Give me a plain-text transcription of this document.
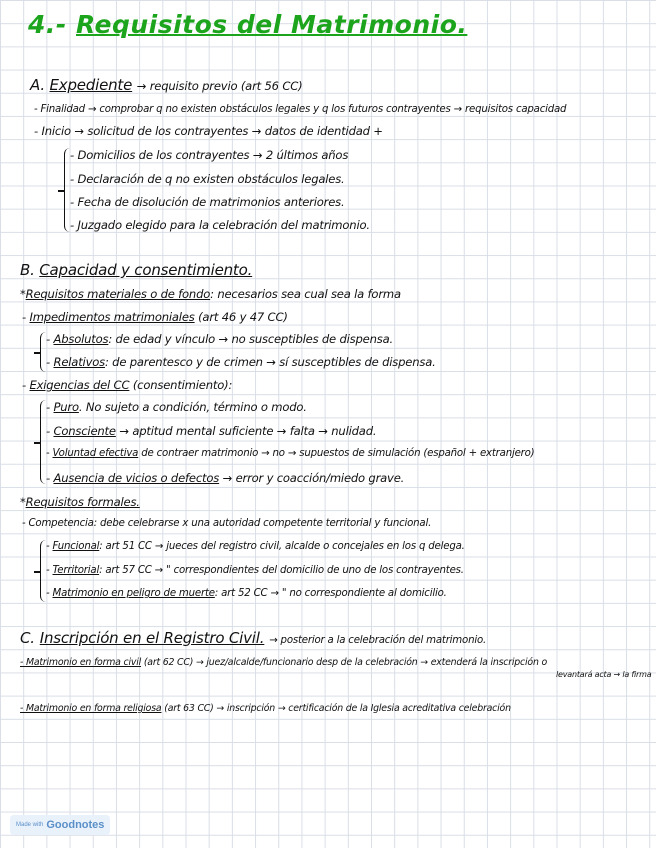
4.- Requisitos del Matrimonio.
A. Expediente → requisito previo (art 56 CC)
- Finalidad → comprobar q no existen obstáculos legales y q los futuros contrayentes → requisitos capacidad
- Inicio → solicitud de los contrayentes → datos de identidad +
- Domicilios de los contrayentes → 2 últimos años
- Declaración de q no existen obstáculos legales.
- Fecha de disolución de matrimonios anteriores.
- Juzgado elegido para la celebración del matrimonio.
B. Capacidad y consentimiento.
*Requisitos materiales o de fondo: necesarios sea cual sea la forma
- Impedimentos matrimoniales (art 46 y 47 CC)
- Absolutos: de edad y vínculo → no susceptibles de dispensa.
- Relativos: de parentesco y de crimen → sí susceptibles de dispensa.
- Exigencias del CC (consentimiento):
- Puro. No sujeto a condición, término o modo.
- Consciente → aptitud mental suficiente → falta → nulidad.
- Voluntad efectiva de contraer matrimonio → no → supuestos de simulación (español + extranjero)
- Ausencia de vicios o defectos → error y coacción/miedo grave.
*Requisitos formales.
- Competencia: debe celebrarse x una autoridad competente territorial y funcional.
- Funcional: art 51 CC → jueces del registro civil, alcalde o concejales en los q delega.
- Territorial: art 57 CC → " correspondientes del domicilio de uno de los contrayentes.
- Matrimonio en peligro de muerte: art 52 CC → " no correspondiente al domicilio.
C. Inscripción en el Registro Civil. → posterior a la celebración del matrimonio.
- Matrimonio en forma civil (art 62 CC) → juez/alcalde/funcionario desp de la celebración → extenderá la inscripción o
levantará acta → la firma
- Matrimonio en forma religiosa (art 63 CC) → inscripción → certificación de la Iglesia acreditativa celebración
Made with Goodnotes
